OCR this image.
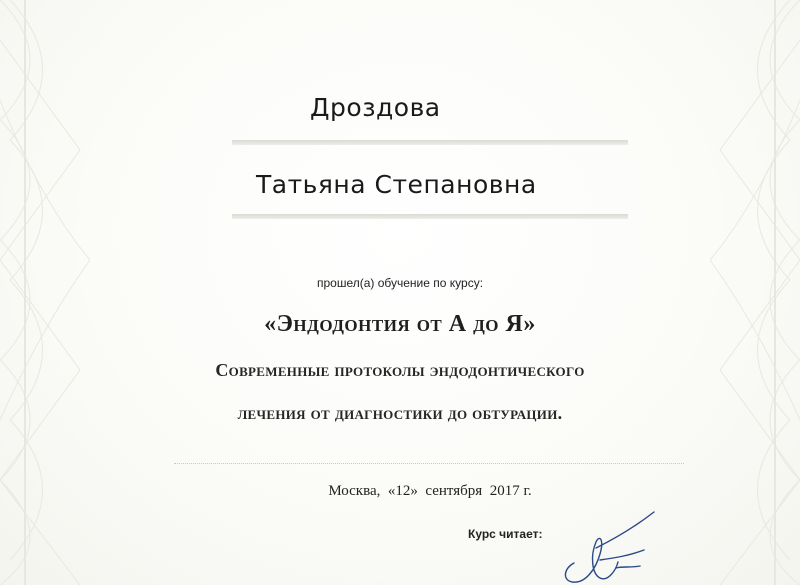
Дроздова
Татьяна Степановна
прошел(а) обучение по курсу:
«Эндодонтия от А до Я»
Современные протоколы эндодонтического
лечения от диагностики до обтурации.
Москва,  «12»  сентября  2017 г.
Курс читает:
